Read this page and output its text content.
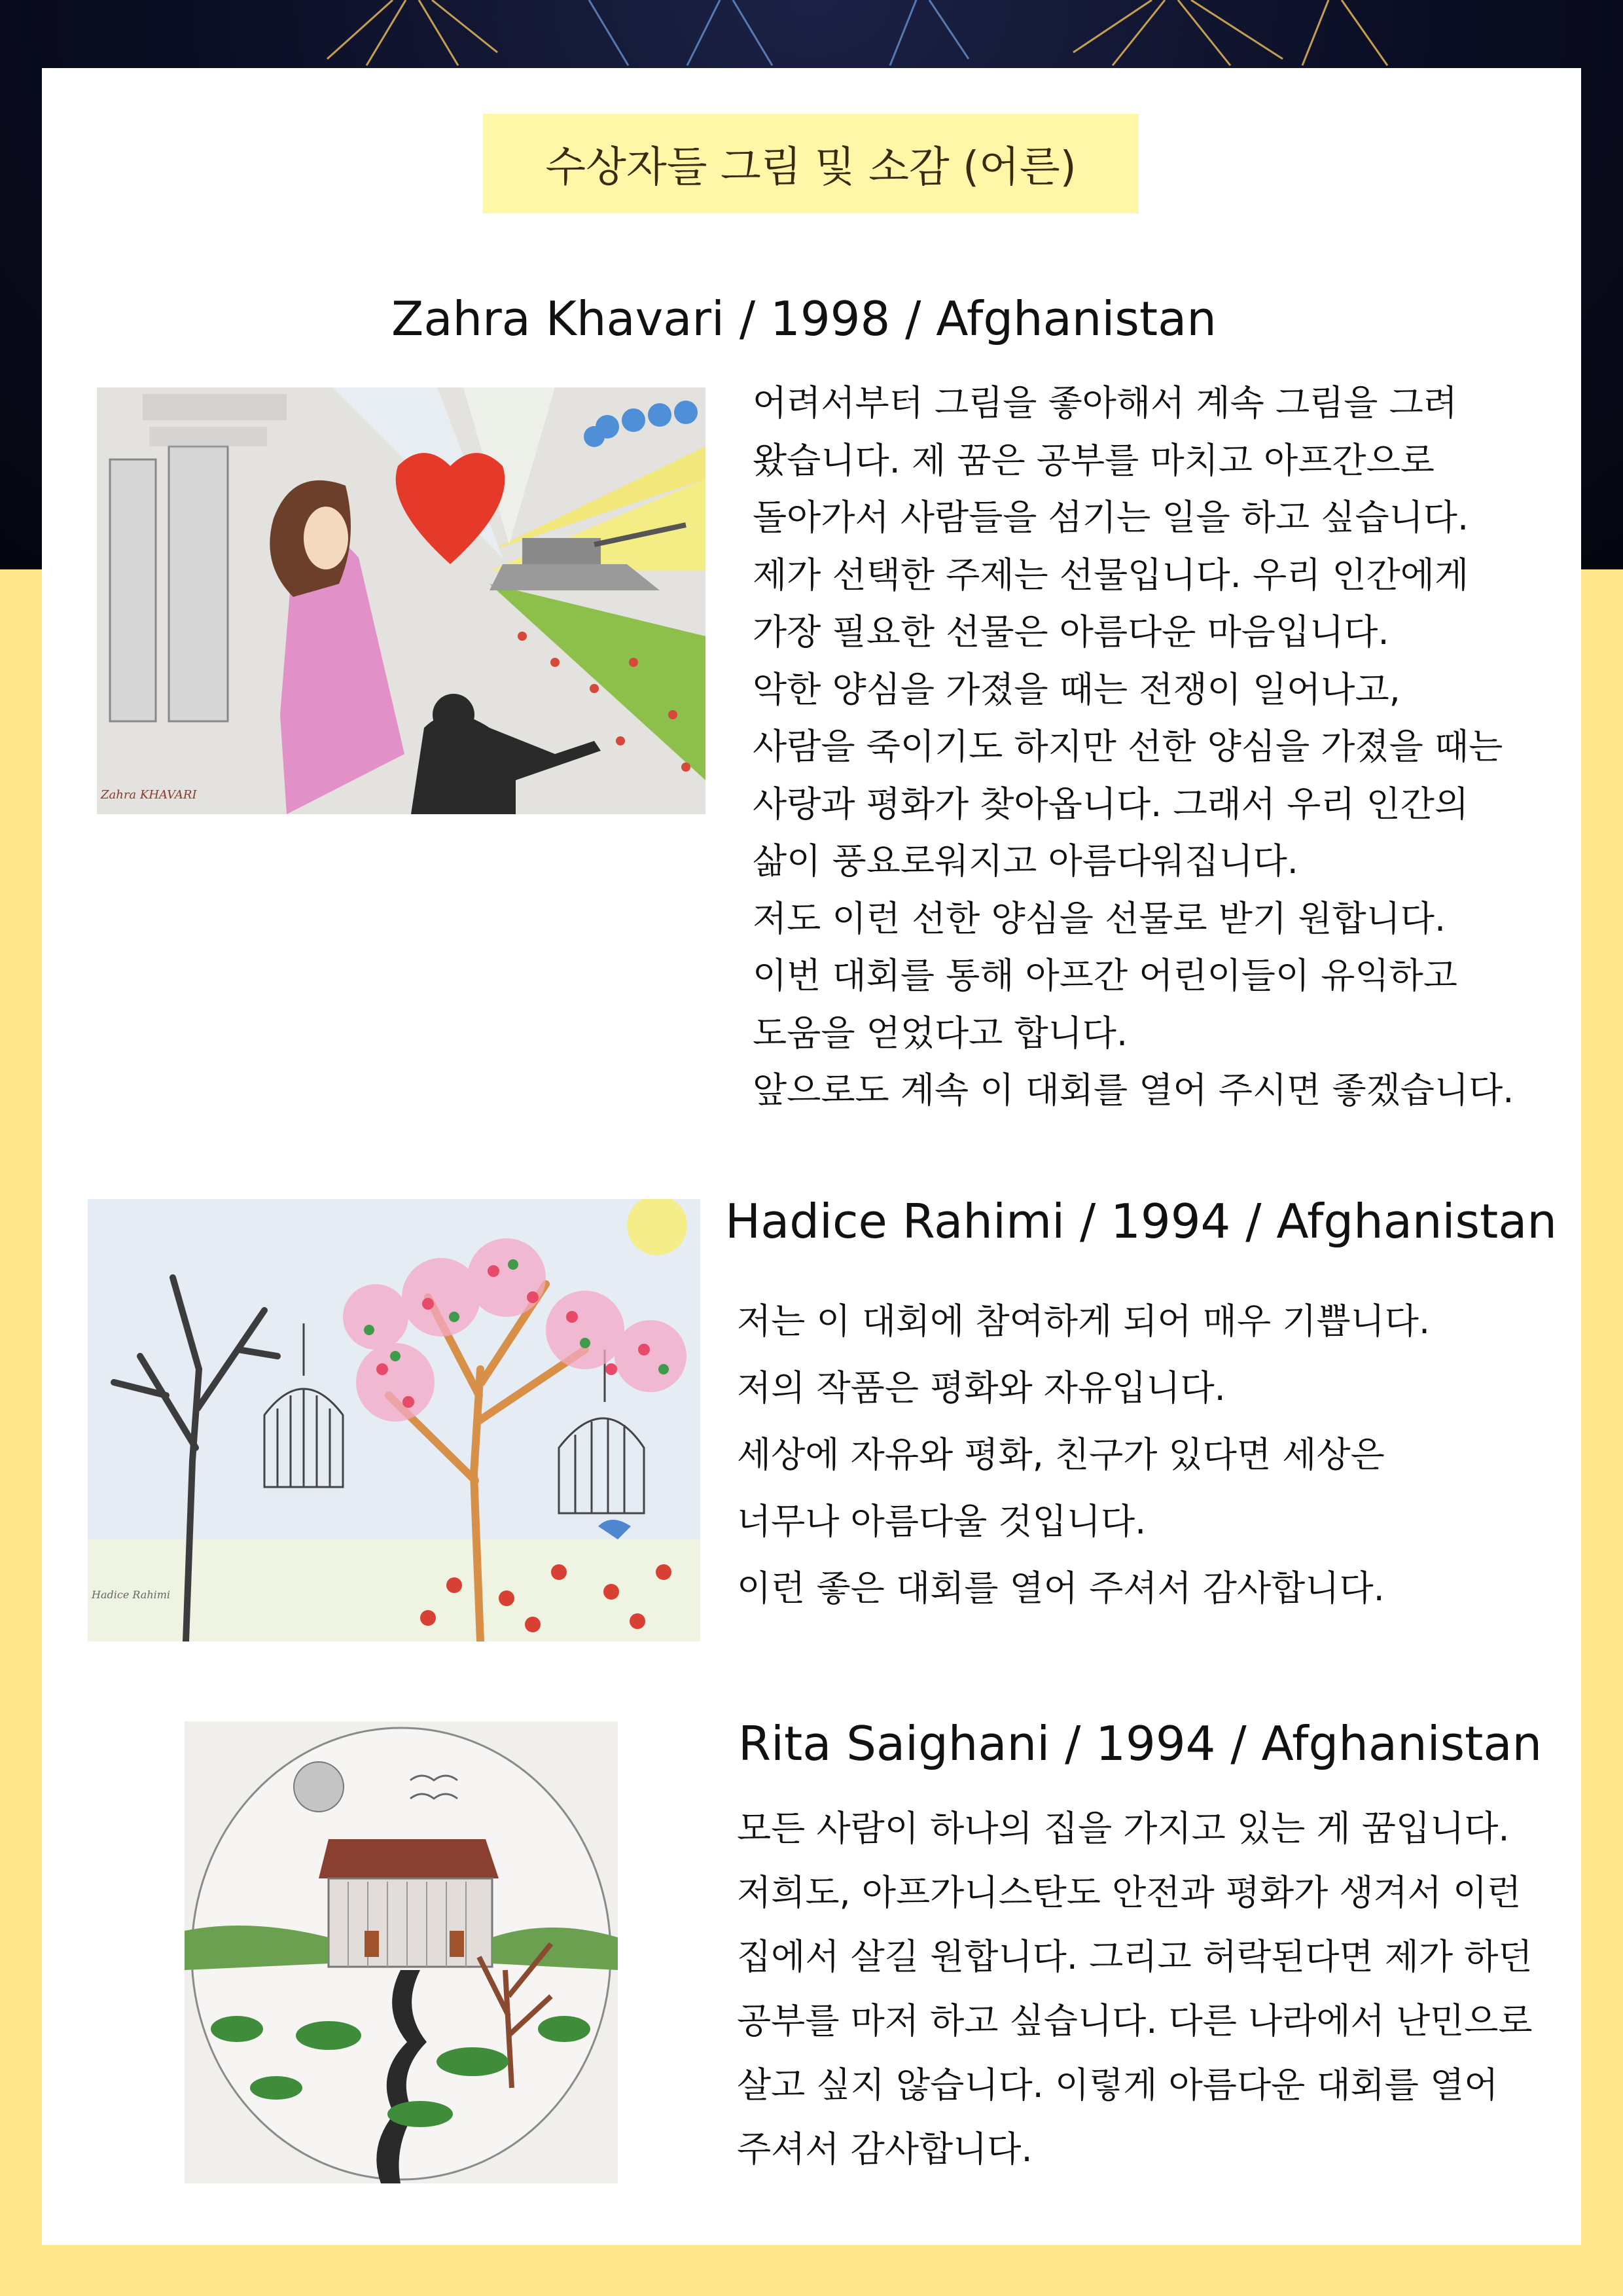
수상자들 그림 및 소감 (어른)
Zahra Khavari / 1998 / Afghanistan
Zahra KHAVARI
어려서부터 그림을 좋아해서 계속 그림을 그려
왔습니다. 제 꿈은 공부를 마치고 아프간으로
돌아가서 사람들을 섬기는 일을 하고 싶습니다.
제가 선택한 주제는 선물입니다. 우리 인간에게
가장 필요한 선물은 아름다운 마음입니다.
악한 양심을 가졌을 때는 전쟁이 일어나고,
사람을 죽이기도 하지만 선한 양심을 가졌을 때는
사랑과 평화가 찾아옵니다. 그래서 우리 인간의
삶이 풍요로워지고 아름다워집니다.
저도 이런 선한 양심을 선물로 받기 원합니다.
이번 대회를 통해 아프간 어린이들이 유익하고
도움을 얻었다고 합니다.
앞으로도 계속 이 대회를 열어 주시면 좋겠습니다.
Hadice Rahimi
Hadice Rahimi / 1994 / Afghanistan
저는 이 대회에 참여하게 되어 매우 기쁩니다.
저의 작품은 평화와 자유입니다.
세상에 자유와 평화, 친구가 있다면 세상은
너무나 아름다울 것입니다.
이런 좋은 대회를 열어 주셔서 감사합니다.
Rita Saighani / 1994 / Afghanistan
모든 사람이 하나의 집을 가지고 있는 게 꿈입니다.
저희도, 아프가니스탄도 안전과 평화가 생겨서 이런
집에서 살길 원합니다. 그리고 허락된다면 제가 하던
공부를 마저 하고 싶습니다. 다른 나라에서 난민으로
살고 싶지 않습니다. 이렇게 아름다운 대회를 열어
주셔서 감사합니다.
